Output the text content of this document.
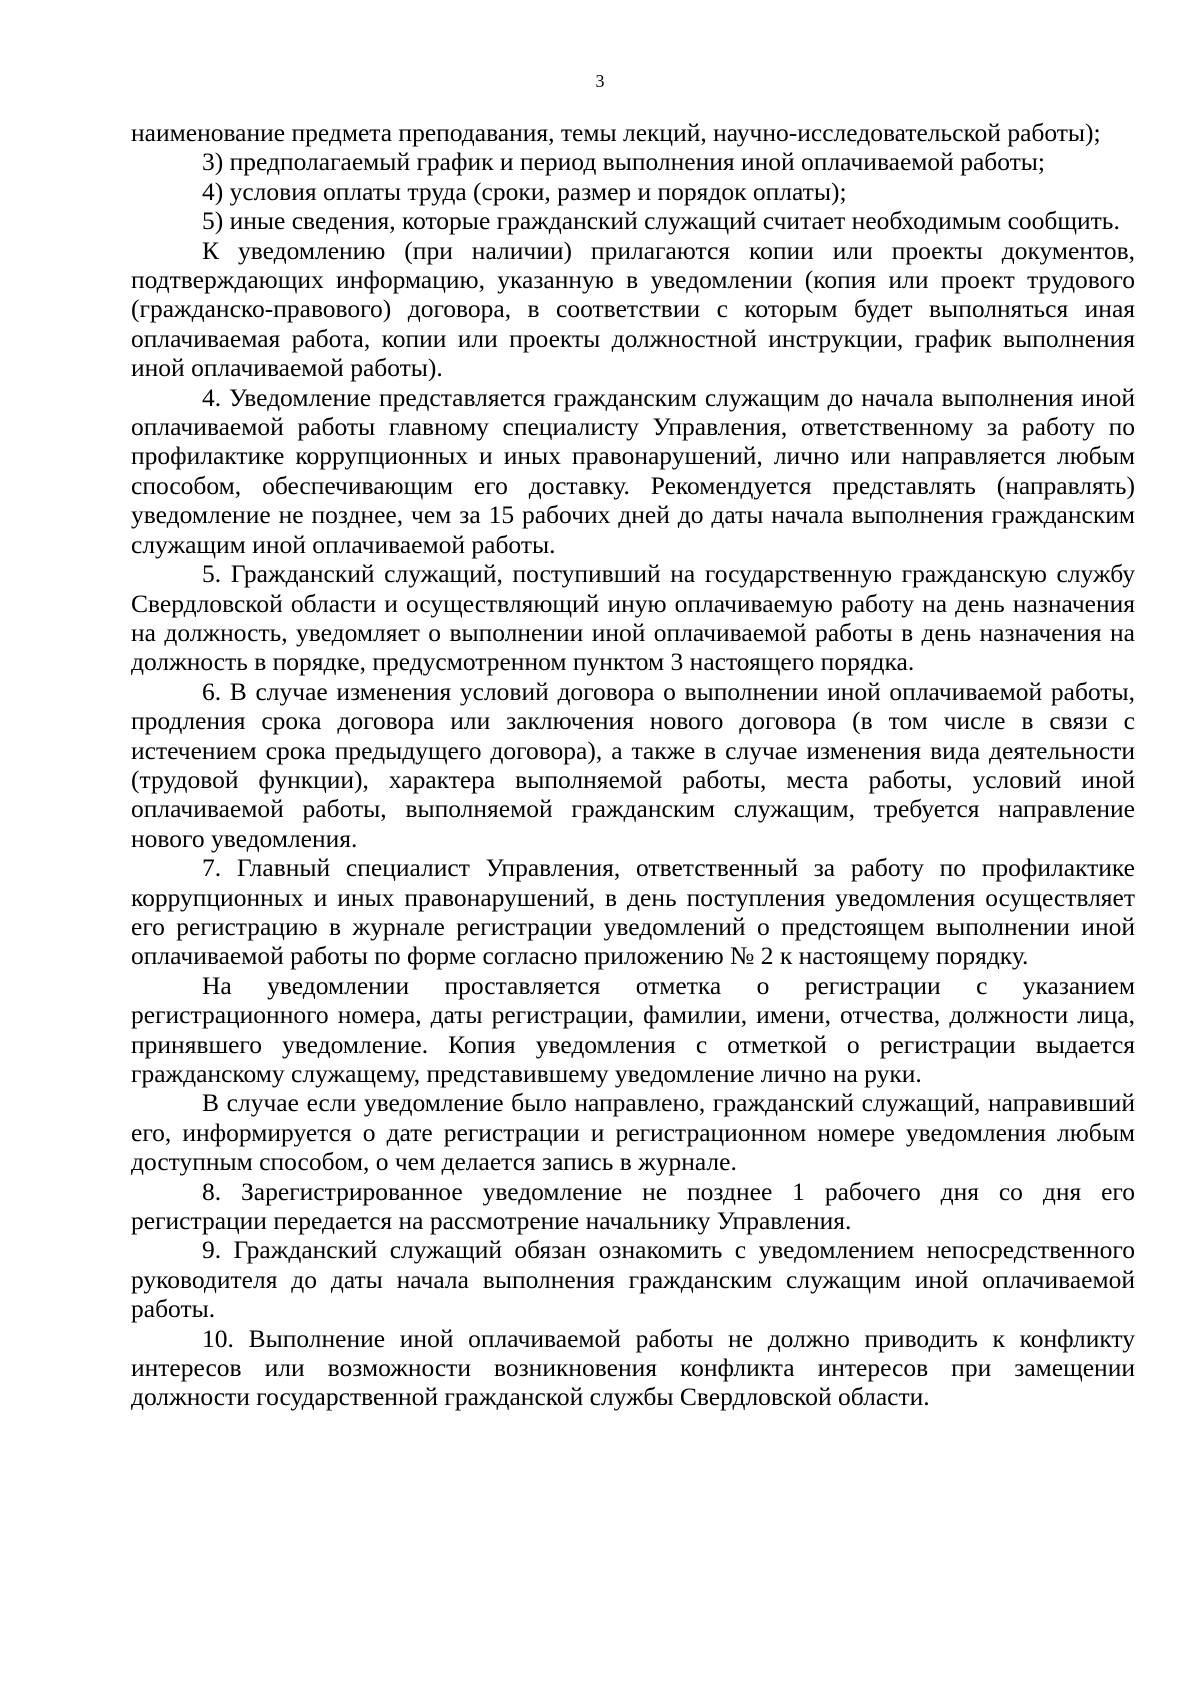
3

наименование предмета преподавания, темы лекций, научно-исследовательской работы);

3) предполагаемый график и период выполнения иной оплачиваемой работы;

4) условия оплаты труда (сроки, размер и порядок оплаты);

5) иные сведения, которые гражданский служащий считает необходимым сообщить.

К уведомлению (при наличии) прилагаются копии или проекты документов, подтверждающих информацию, указанную в уведомлении (копия или проект трудового (гражданско-правового) договора, в соответствии с которым будет выполняться иная оплачиваемая работа, копии или проекты должностной инструкции, график выполнения иной оплачиваемой работы).

4. Уведомление представляется гражданским служащим до начала выполнения иной оплачиваемой работы главному специалисту Управления, ответственному за работу по профилактике коррупционных и иных правонарушений, лично или направляется любым способом, обеспечивающим его доставку. Рекомендуется представлять (направлять) уведомление не позднее, чем за 15 рабочих дней до даты начала выполнения гражданским служащим иной оплачиваемой работы.

5. Гражданский служащий, поступивший на государственную гражданскую службу Свердловской области и осуществляющий иную оплачиваемую работу на день назначения на должность, уведомляет о выполнении иной оплачиваемой работы в день назначения на должность в порядке, предусмотренном пунктом 3 настоящего порядка.

6. В случае изменения условий договора о выполнении иной оплачиваемой работы, продления срока договора или заключения нового договора (в том числе в связи с истечением срока предыдущего договора), а также в случае изменения вида деятельности (трудовой функции), характера выполняемой работы, места работы, условий иной оплачиваемой работы, выполняемой гражданским служащим, требуется направление нового уведомления.

7. Главный специалист Управления, ответственный за работу по профилактике коррупционных и иных правонарушений, в день поступления уведомления осуществляет его регистрацию в журнале регистрации уведомлений о предстоящем выполнении иной оплачиваемой работы по форме согласно приложению № 2 к настоящему порядку.

На уведомлении проставляется отметка о регистрации с указанием регистрационного номера, даты регистрации, фамилии, имени, отчества, должности лица, принявшего уведомление. Копия уведомления с отметкой о регистрации выдается гражданскому служащему, представившему уведомление лично на руки.

В случае если уведомление было направлено, гражданский служащий, направивший его, информируется о дате регистрации и регистрационном номере уведомления любым доступным способом, о чем делается запись в журнале.

8. Зарегистрированное уведомление не позднее 1 рабочего дня со дня его регистрации передается на рассмотрение начальнику Управления.

9. Гражданский служащий обязан ознакомить с уведомлением непосредственного руководителя до даты начала выполнения гражданским служащим иной оплачиваемой работы.

10. Выполнение иной оплачиваемой работы не должно приводить к конфликту интересов или возможности возникновения конфликта интересов при замещении должности государственной гражданской службы Свердловской области.
